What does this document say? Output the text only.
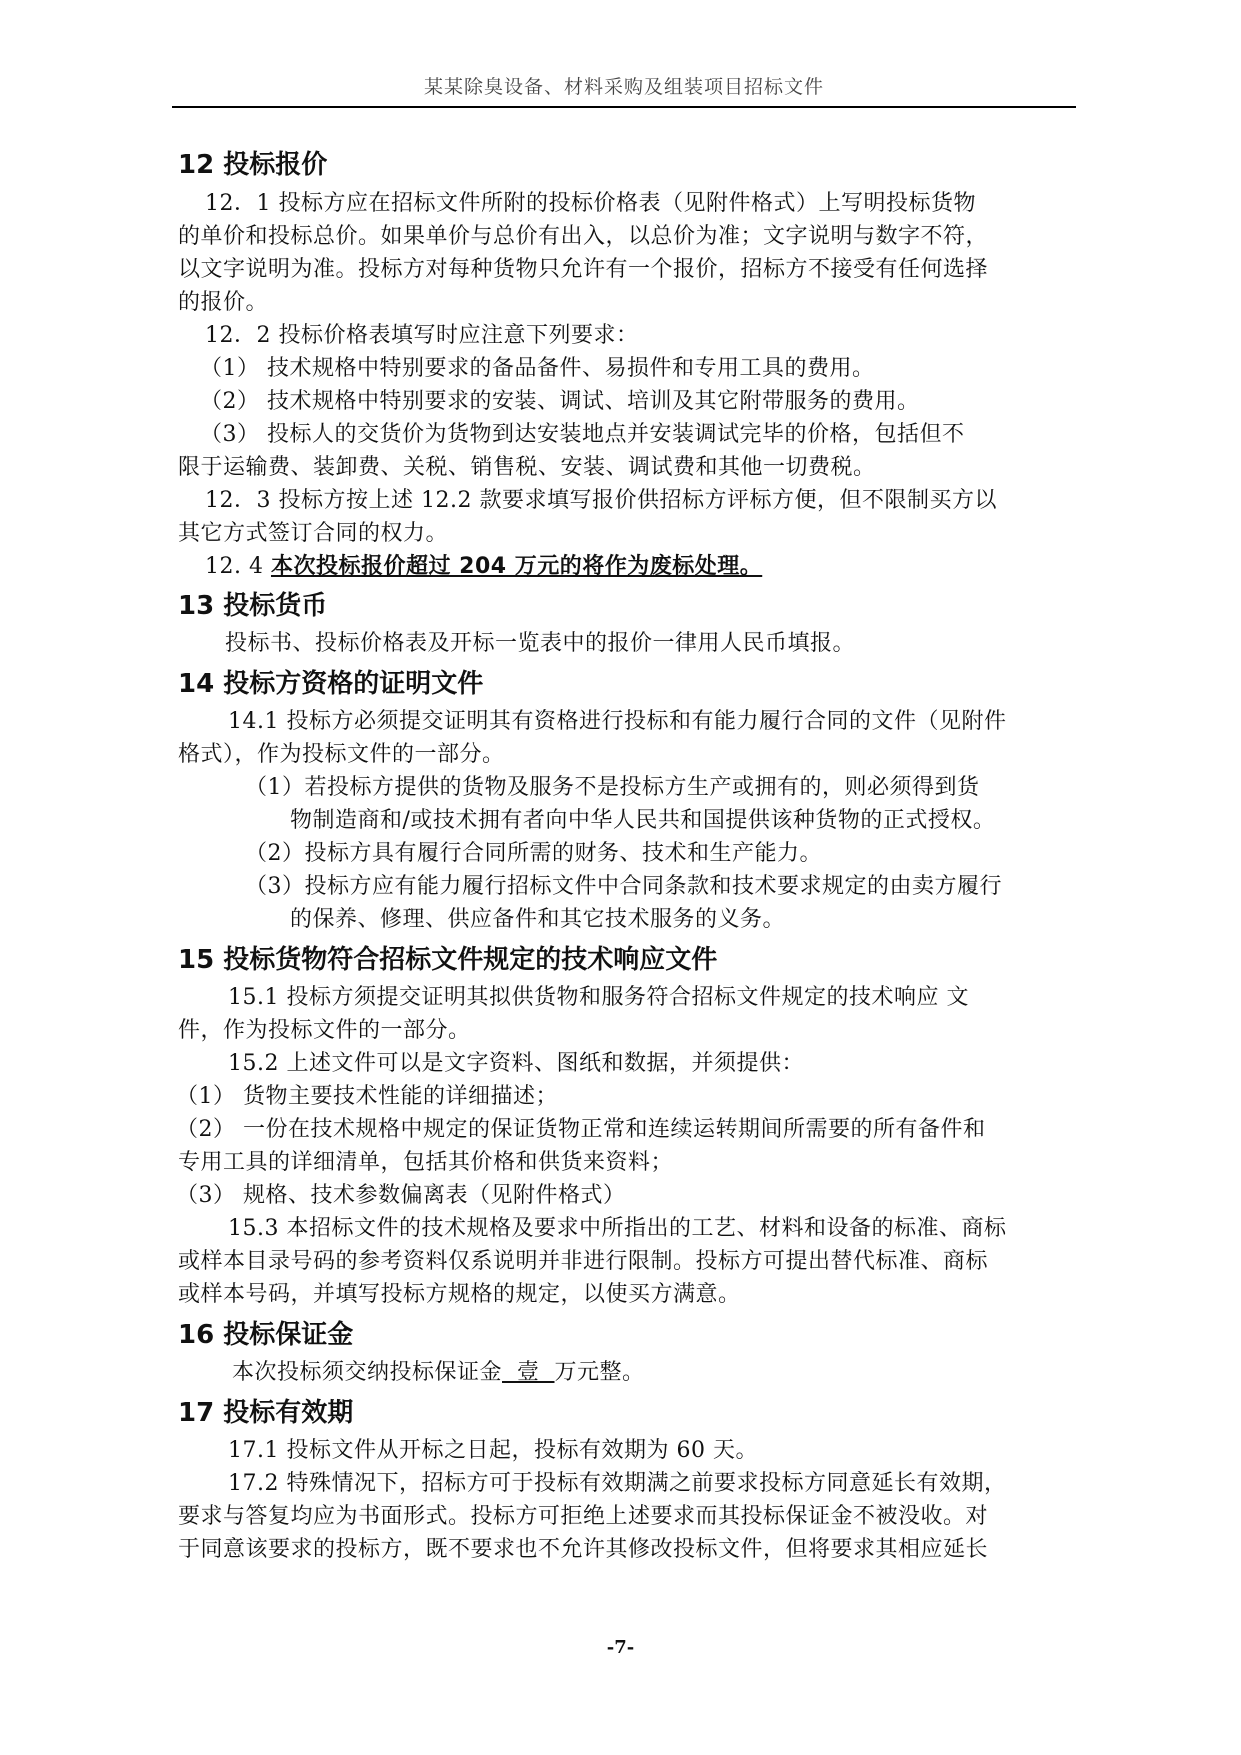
某某除臭设备、材料采购及组装项目招标文件
12 投标报价
12．1 投标方应在招标文件所附的投标价格表（见附件格式）上写明投标货物
的单价和投标总价。如果单价与总价有出入，以总价为准；文字说明与数字不符，
以文字说明为准。投标方对每种货物只允许有一个报价，招标方不接受有任何选择
的报价。
12．2 投标价格表填写时应注意下列要求：
（1） 技术规格中特别要求的备品备件、易损件和专用工具的费用。
（2） 技术规格中特别要求的安装、调试、培训及其它附带服务的费用。
（3） 投标人的交货价为货物到达安装地点并安装调试完毕的价格，包括但不
限于运输费、装卸费、关税、销售税、安装、调试费和其他一切费税。
12．3 投标方按上述 12.2 款要求填写报价供招标方评标方便，但不限制买方以
其它方式签订合同的权力。
12. 4 本次投标报价超过 204 万元的将作为废标处理。
13 投标货币
投标书、投标价格表及开标一览表中的报价一律用人民币填报。
14 投标方资格的证明文件
14.1 投标方必须提交证明其有资格进行投标和有能力履行合同的文件（见附件
格式），作为投标文件的一部分。
（1）若投标方提供的货物及服务不是投标方生产或拥有的，则必须得到货
物制造商和/或技术拥有者向中华人民共和国提供该种货物的正式授权。
（2）投标方具有履行合同所需的财务、技术和生产能力。
（3）投标方应有能力履行招标文件中合同条款和技术要求规定的由卖方履行
的保养、修理、供应备件和其它技术服务的义务。
15 投标货物符合招标文件规定的技术响应文件
15.1 投标方须提交证明其拟供货物和服务符合招标文件规定的技术响应 文
件，作为投标文件的一部分。
15.2 上述文件可以是文字资料、图纸和数据，并须提供：
（1） 货物主要技术性能的详细描述；
（2） 一份在技术规格中规定的保证货物正常和连续运转期间所需要的所有备件和
专用工具的详细清单，包括其价格和供货来资料；
（3） 规格、技术参数偏离表（见附件格式）
15.3 本招标文件的技术规格及要求中所指出的工艺、材料和设备的标准、商标
或样本目录号码的参考资料仅系说明并非进行限制。投标方可提出替代标准、商标
或样本号码，并填写投标方规格的规定，以使买方满意。
16 投标保证金
本次投标须交纳投标保证金  壹  万元整。
17 投标有效期
17.1 投标文件从开标之日起，投标有效期为 60 天。
17.2 特殊情况下，招标方可于投标有效期满之前要求投标方同意延长有效期，
要求与答复均应为书面形式。投标方可拒绝上述要求而其投标保证金不被没收。对
于同意该要求的投标方，既不要求也不允许其修改投标文件，但将要求其相应延长
-7-
